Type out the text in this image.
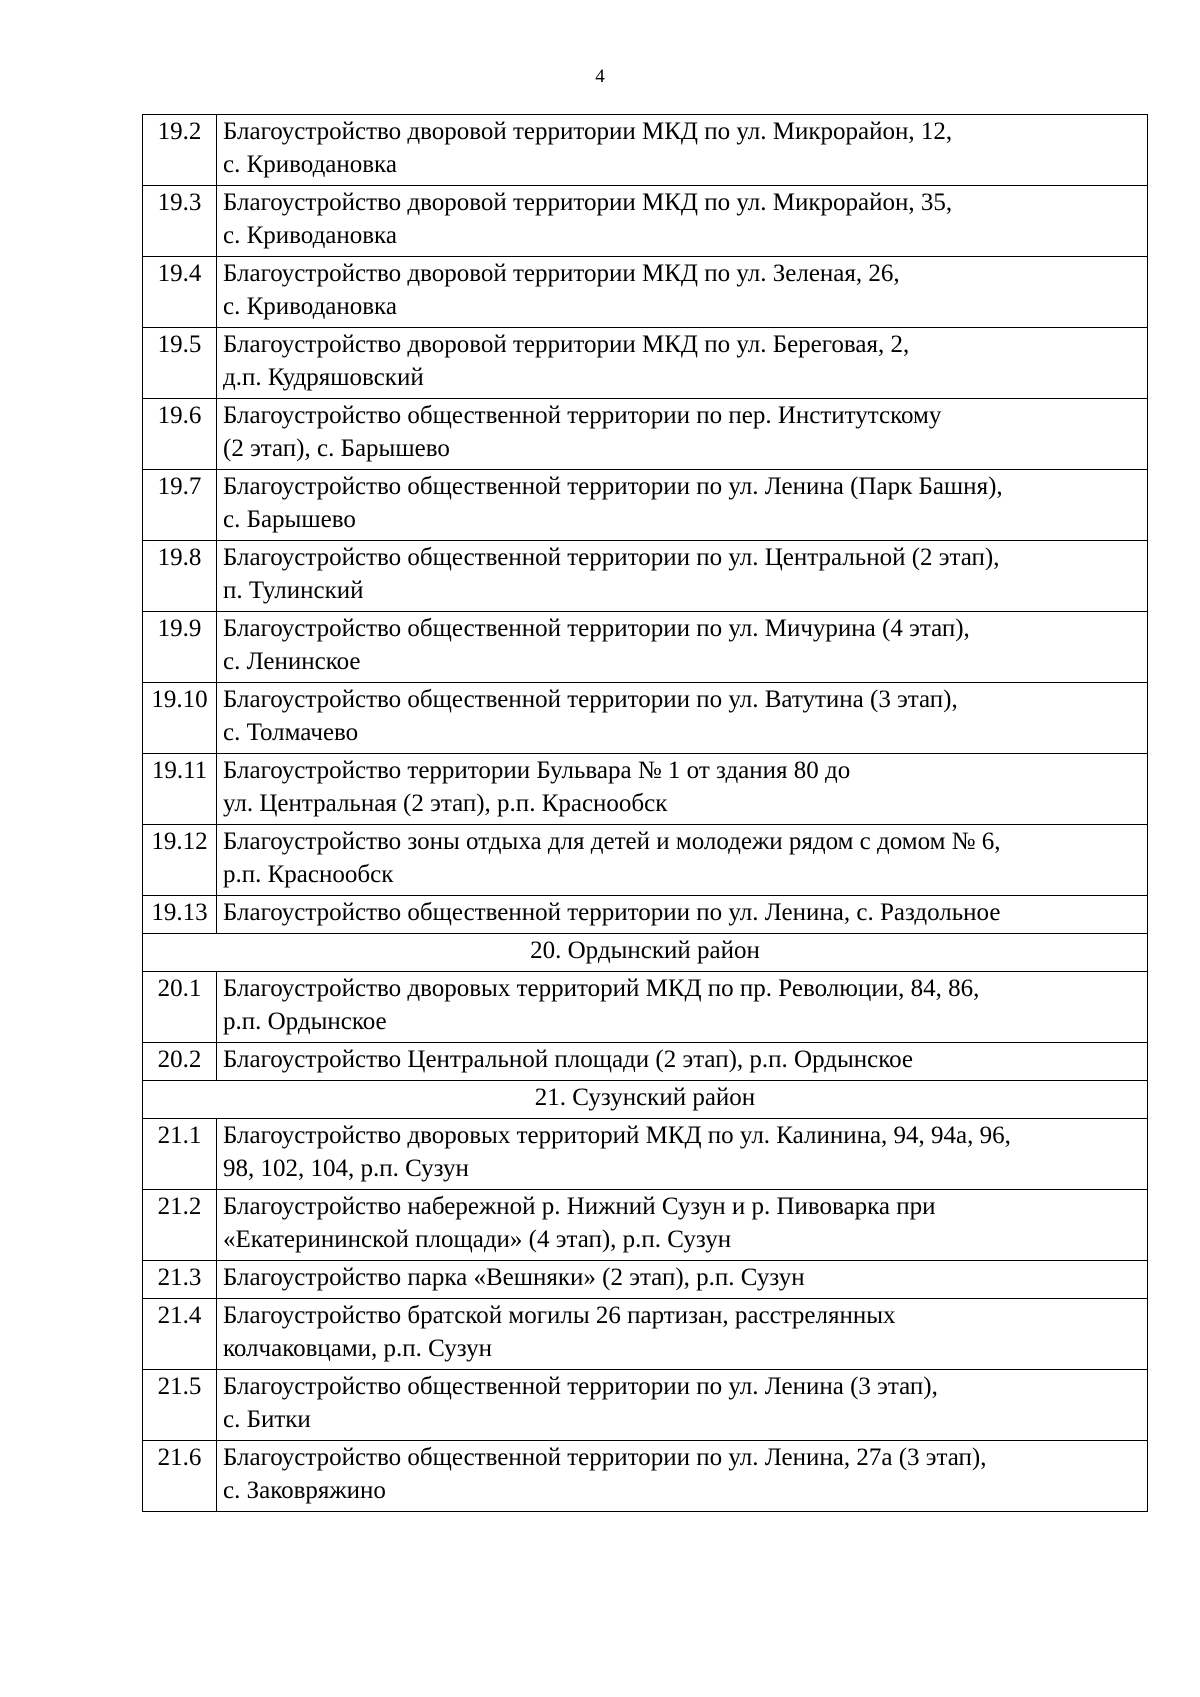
4
19.2	Благоустройство дворовой территории МКД по ул. Микрорайон, 12,
с. Криводановка

19.3	Благоустройство дворовой территории МКД по ул. Микрорайон, 35,
с. Криводановка

19.4	Благоустройство дворовой территории МКД по ул. Зеленая, 26,
с. Криводановка

19.5	Благоустройство дворовой территории МКД по ул. Береговая, 2,
д.п. Кудряшовский

19.6	Благоустройство общественной территории по пер. Институтскому
(2 этап), с. Барышево

19.7	Благоустройство общественной территории по ул. Ленина (Парк Башня),
с. Барышево

19.8	Благоустройство общественной территории по ул. Центральной (2 этап),
п. Тулинский

19.9	Благоустройство общественной территории по ул. Мичурина (4 этап),
с. Ленинское

19.10	Благоустройство общественной территории по ул. Ватутина (3 этап),
с. Толмачево

19.11	Благоустройство территории Бульвара № 1 от здания 80 до
ул. Центральная (2 этап), р.п. Краснообск

19.12	Благоустройство зоны отдыха для детей и молодежи рядом с домом № 6,
р.п. Краснообск

19.13	Благоустройство общественной территории по ул. Ленина, с. Раздольное

20. Ордынский район	
20.1	Благоустройство дворовых территорий МКД по пр. Революции, 84, 86,
р.п. Ордынское

20.2	Благоустройство Центральной площади (2 этап), р.п. Ордынское

21. Сузунский район	
21.1	Благоустройство дворовых территорий МКД по ул. Калинина, 94, 94а, 96,
98, 102, 104, р.п. Сузун

21.2	Благоустройство набережной р. Нижний Сузун и р. Пивоварка при
«Екатерининской площади» (4 этап), р.п. Сузун

21.3	Благоустройство парка «Вешняки» (2 этап), р.п. Сузун

21.4	Благоустройство братской могилы 26 партизан, расстрелянных
колчаковцами, р.п. Сузун

21.5	Благоустройство общественной территории по ул. Ленина (3 этап),
с. Битки

21.6	Благоустройство общественной территории по ул. Ленина, 27а (3 этап),
с. Заковряжино
